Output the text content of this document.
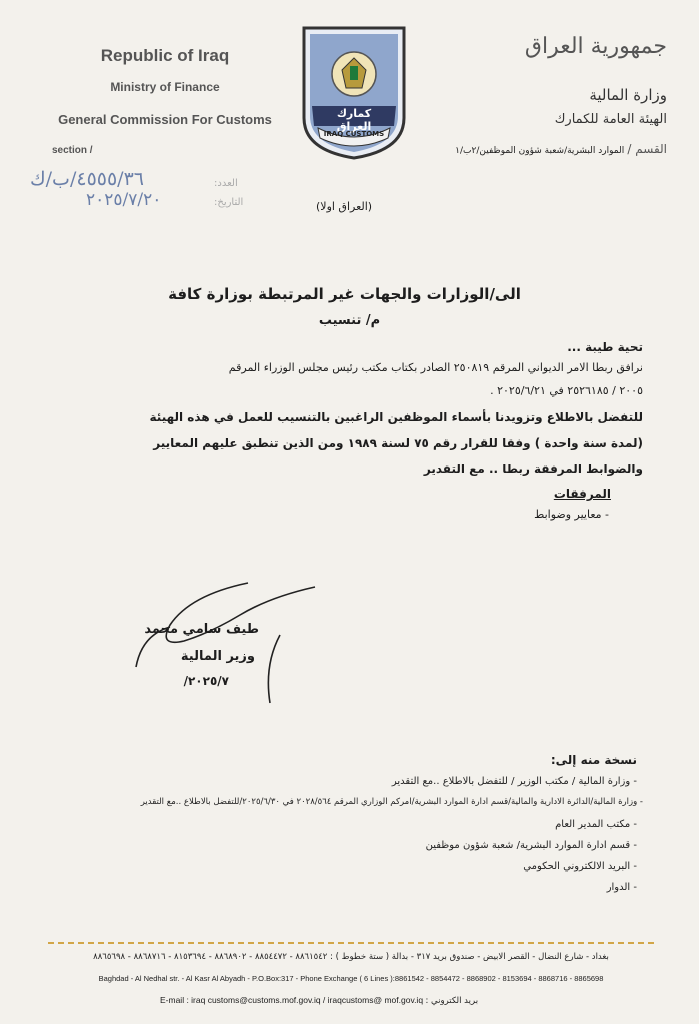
Republic of Iraq
Ministry of Finance
General Commission For Customs
section /
كمارك العراق
IRAQ CUSTOMS
جمهورية العراق
وزارة المالية
الهيئة العامة للكمارك
القسم / الموارد البشرية/شعبة شؤون الموظفين/٢ب/١
العدد:
٤٥٥٥/٣٦/ب/ك
التاريخ:
٢٠٢٥/٧/٢٠	(العراق اولا)
الى/الوزارات والجهات غير المرتبطة بوزارة كافة
م/ تنسيب
تحية طيبة ...
نرافق ربطا الامر الديواني المرقم ٢٥٠٨١٩ الصادر بكتاب مكتب رئيس مجلس الوزراء المرقم
٢٠٠٥ / ٢٥٢٦١٨٥ في ٢٠٢٥/٦/٢١ .
للتفضل بالاطلاع وتزويدنا بأسماء الموظفين الراغبين بالتنسيب للعمل في هذه الهيئة
(لمدة سنة واحدة ) وفقا للقرار رقم ٧٥ لسنة ١٩٨٩ ومن الذين تنطبق عليهم المعايير
والضوابط المرفقة ربطا .. مع التقدير
المرفقات
- معايير وضوابط
طيف سامي محمد
وزير المالية
٢٠٢٥/٧/
نسخة منه إلى:
- وزارة المالية / مكتب الوزير / للتفضل بالاطلاع ..مع التقدير
- وزارة المالية/الدائرة الادارية والمالية/قسم ادارة الموارد البشرية/امركم الوزاري المرقم ٢٠٢٨/٥٦٤ في ٢٠٢٥/٦/٣٠/للتفضل بالاطلاع ..مع التقدير
- مكتب المدير العام
- قسم ادارة الموارد البشرية/ شعبة شؤون موظفين
- البريد الالكتروني الحكومي
- الدوار
بغداد - شارع النضال - القصر الابيض - صندوق بريد ٣١٧ - بدالة ( ستة خطوط ) : ٨٨٦١٥٤٢ - ٨٨٥٤٤٧٢ - ٨٨٦٨٩٠٢ - ٨١٥٣٦٩٤ - ٨٨٦٨٧١٦ - ٨٨٦٥٦٩٨
Baghdad - Al Nedhal str. - Al Kasr Al Abyadh - P.O.Box:317 - Phone Exchange ( 6 Lines ):8861542 - 8854472 - 8868902 - 8153694 - 8868716 - 8865698
E-mail : iraq customs@customs.mof.gov.iq / iraqcustoms@ mof.gov.iq : بريد الكتروني
